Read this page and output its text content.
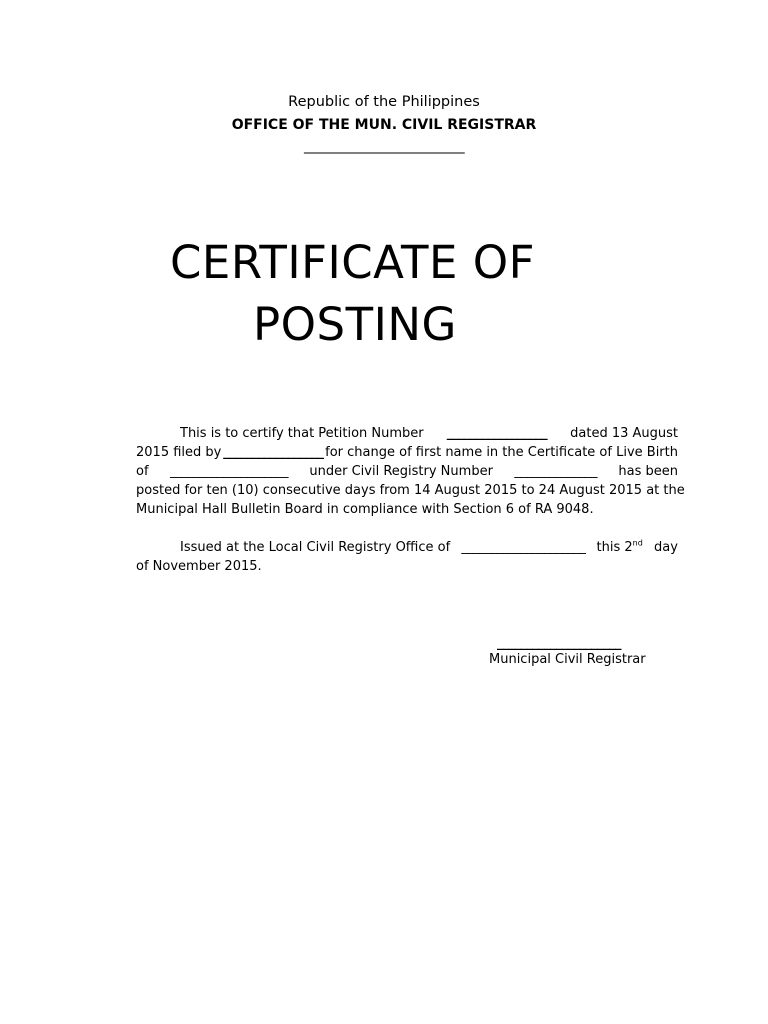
Republic of the Philippines
OFFICE OF THE MUN. CIVIL REGISTRAR
_________________________
CERTIFICATE OF
POSTING
This is to certify that Petition Number _________________ dated 13 August
2015 filed by _________________ for change of first name in the Certificate of Live Birth
of ____________________ under Civil Registry Number ______________ has been
posted for ten (10) consecutive days from 14 August 2015 to 24 August 2015 at the
Municipal Hall Bulletin Board in compliance with Section 6 of RA 9048.
Issued at the Local Civil Registry Office of _____________________ this 2nd day
of November 2015.
_____________________
Municipal Civil Registrar
